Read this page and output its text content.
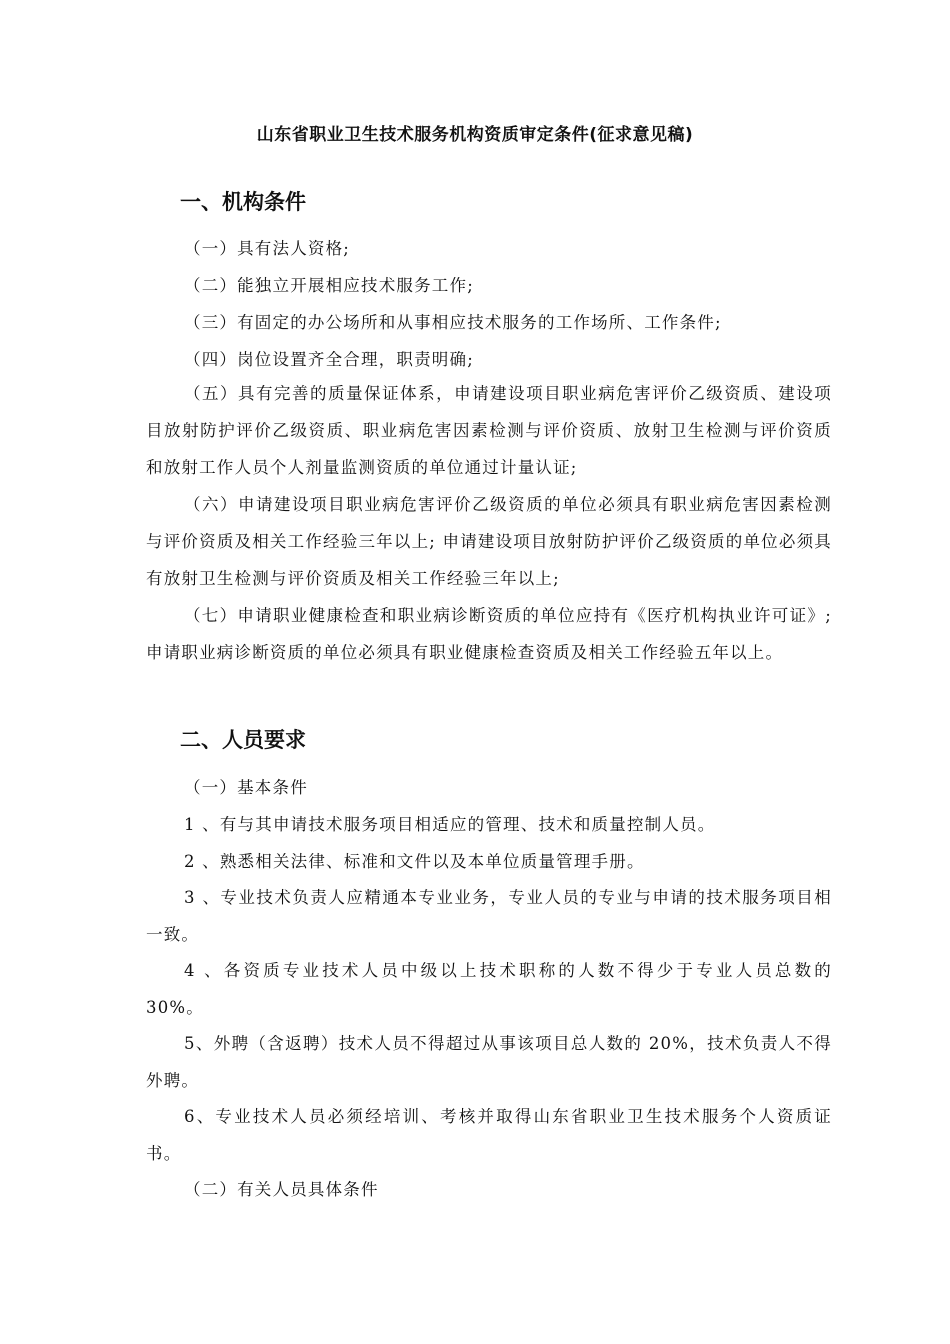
山东省职业卫生技术服务机构资质审定条件(征求意见稿)
一、机构条件

（一）具有法人资格;

（二）能独立开展相应技术服务工作;

（三）有固定的办公场所和从事相应技术服务的工作场所、工作条件;

（四）岗位设置齐全合理，职责明确;

（五）具有完善的质量保证体系，申请建设项目职业病危害评价乙级资质、建设项目放射防护评价乙级资质、职业病危害因素检测与评价资质、放射卫生检测与评价资质和放射工作人员个人剂量监测资质的单位通过计量认证;

（六）申请建设项目职业病危害评价乙级资质的单位必须具有职业病危害因素检测与评价资质及相关工作经验三年以上; 申请建设项目放射防护评价乙级资质的单位必须具有放射卫生检测与评价资质及相关工作经验三年以上;

（七）申请职业健康检查和职业病诊断资质的单位应持有《医疗机构执业许可证》; 申请职业病诊断资质的单位必须具有职业健康检查资质及相关工作经验五年以上。

二、人员要求

（一）基本条件

1 、有与其申请技术服务项目相适应的管理、技术和质量控制人员。

2 、熟悉相关法律、标准和文件以及本单位质量管理手册。

3 、专业技术负责人应精通本专业业务，专业人员的专业与申请的技术服务项目相一致。

4 、各资质专业技术人员中级以上技术职称的人数不得少于专业人员总数的 30%。

5、外聘（含返聘）技术人员不得超过从事该项目总人数的 20%，技术负责人不得外聘。

6、专业技术人员必须经培训、考核并取得山东省职业卫生技术服务个人资质证书。

（二）有关人员具体条件
